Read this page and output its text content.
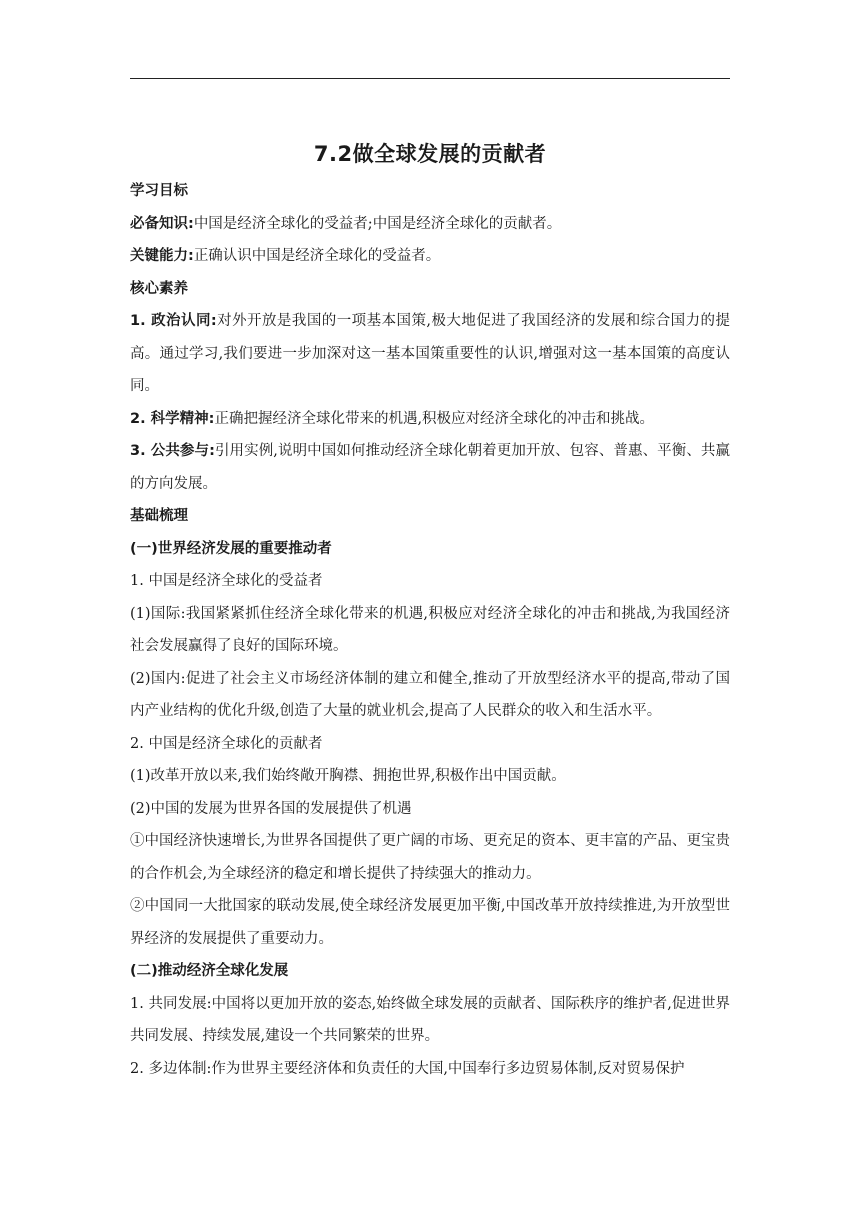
7.2做全球发展的贡献者

学习目标

必备知识:中国是经济全球化的受益者;中国是经济全球化的贡献者。

关键能力:正确认识中国是经济全球化的受益者。

核心素养

1. 政治认同:对外开放是我国的一项基本国策,极大地促进了我国经济的发展和综合国力的提高。通过学习,我们要进一步加深对这一基本国策重要性的认识,增强对这一基本国策的高度认同。

2. 科学精神:正确把握经济全球化带来的机遇,积极应对经济全球化的冲击和挑战。

3. 公共参与:引用实例,说明中国如何推动经济全球化朝着更加开放、包容、普惠、平衡、共赢的方向发展。

基础梳理

(一)世界经济发展的重要推动者

1. 中国是经济全球化的受益者

(1)国际:我国紧紧抓住经济全球化带来的机遇,积极应对经济全球化的冲击和挑战,为我国经济社会发展赢得了良好的国际环境。

(2)国内:促进了社会主义市场经济体制的建立和健全,推动了开放型经济水平的提高,带动了国内产业结构的优化升级,创造了大量的就业机会,提高了人民群众的收入和生活水平。

2. 中国是经济全球化的贡献者

(1)改革开放以来,我们始终敞开胸襟、拥抱世界,积极作出中国贡献。

(2)中国的发展为世界各国的发展提供了机遇

①中国经济快速增长,为世界各国提供了更广阔的市场、更充足的资本、更丰富的产品、更宝贵的合作机会,为全球经济的稳定和增长提供了持续强大的推动力。

②中国同一大批国家的联动发展,使全球经济发展更加平衡,中国改革开放持续推进,为开放型世界经济的发展提供了重要动力。

(二)推动经济全球化发展

1. 共同发展:中国将以更加开放的姿态,始终做全球发展的贡献者、国际秩序的维护者,促进世界共同发展、持续发展,建设一个共同繁荣的世界。

2. 多边体制:作为世界主要经济体和负责任的大国,中国奉行多边贸易体制,反对贸易保护
